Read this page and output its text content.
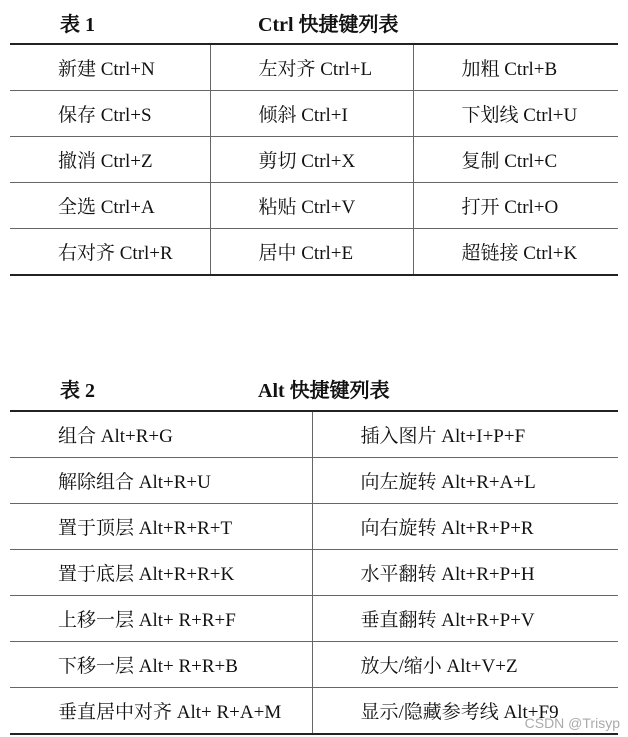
表 1	Ctrl 快捷键列表
新建 Ctrl+N	左对齐 Ctrl+L	加粗 Ctrl+B
保存 Ctrl+S	倾斜 Ctrl+I	下划线 Ctrl+U
撤消 Ctrl+Z	剪切 Ctrl+X	复制 Ctrl+C
全选 Ctrl+A	粘贴 Ctrl+V	打开 Ctrl+O
右对齐 Ctrl+R	居中 Ctrl+E	超链接 Ctrl+K
表 2	Alt 快捷键列表
组合 Alt+R+G	插入图片 Alt+I+P+F
解除组合 Alt+R+U	向左旋转 Alt+R+A+L
置于顶层 Alt+R+R+T	向右旋转 Alt+R+P+R
置于底层 Alt+R+R+K	水平翻转 Alt+R+P+H
上移一层 Alt+ R+R+F	垂直翻转 Alt+R+P+V
下移一层 Alt+ R+R+B	放大/缩小 Alt+V+Z
垂直居中对齐 Alt+ R+A+M	显示/隐藏参考线 Alt+F9
CSDN @Trisyp
